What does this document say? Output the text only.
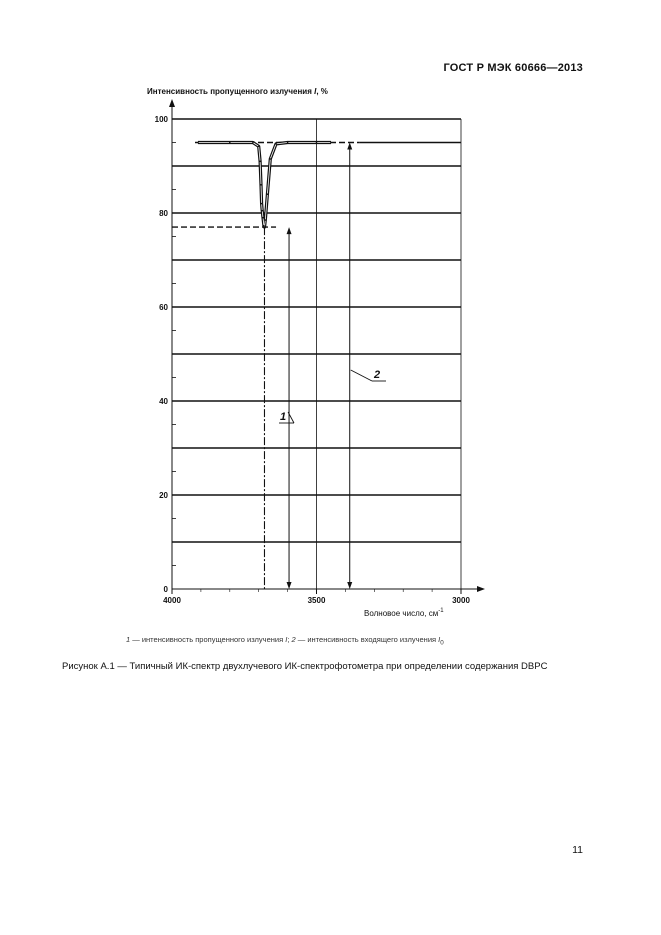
ГОСТ Р МЭК 60666—2013
Интенсивность пропущенного излучения I, %
Волновое число, $см^{-1}$
0
20
40
60
80
100
4000	3500	3000
1
2
1 — интенсивность пропущенного излучения I; 2 — интенсивность входящего излучения $I_0$
Рисунок А.1 — Типичный ИК-спектр двухлучевого ИК-спектрофотометра при определении содержания DBPC
11
